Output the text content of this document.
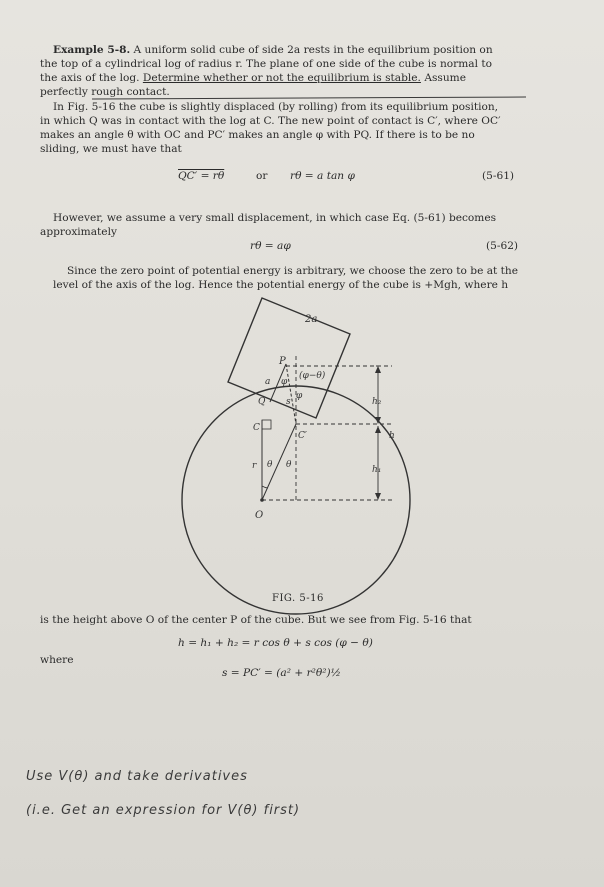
Example 5-8. A uniform solid cube of side 2a rests in the equilibrium position on

the top of a cylindrical log of radius r. The plane of one side of the cube is normal to

the axis of the log. Determine whether or not the equilibrium is stable. Assume

perfectly rough contact.

In Fig. 5-16 the cube is slightly displaced (by rolling) from its equilibrium position,

in which Q was in contact with the log at C. The new point of contact is C′, where OC′

makes an angle θ with OC and PC′ makes an angle φ with PQ. If there is to be no

sliding, we must have that

QC′ = rθ	or rθ = a tan φ	(5-61)

However, we assume a very small displacement, in which case Eq. (5-61) becomes

approximately

rθ = aφ	(5-62)

Since the zero point of potential energy is arbitrary, we choose the zero to be at the

level of the axis of the log. Hence the potential energy of the cube is +Mgh, where h

2a
P
(φ−θ)
a φ
Q s
φ
C
C′
r θ θ
O
h₂
h
h₁
FIG. 5-16

is the height above O of the center P of the cube. But we see from Fig. 5-16 that

h = h₁ + h₂ = r cos θ + s cos (φ − θ)

where

s = PC′ = (a² + r²θ²)½

Use V(θ) and take derivatives
(i.e. Get an expression for V(θ) first)
